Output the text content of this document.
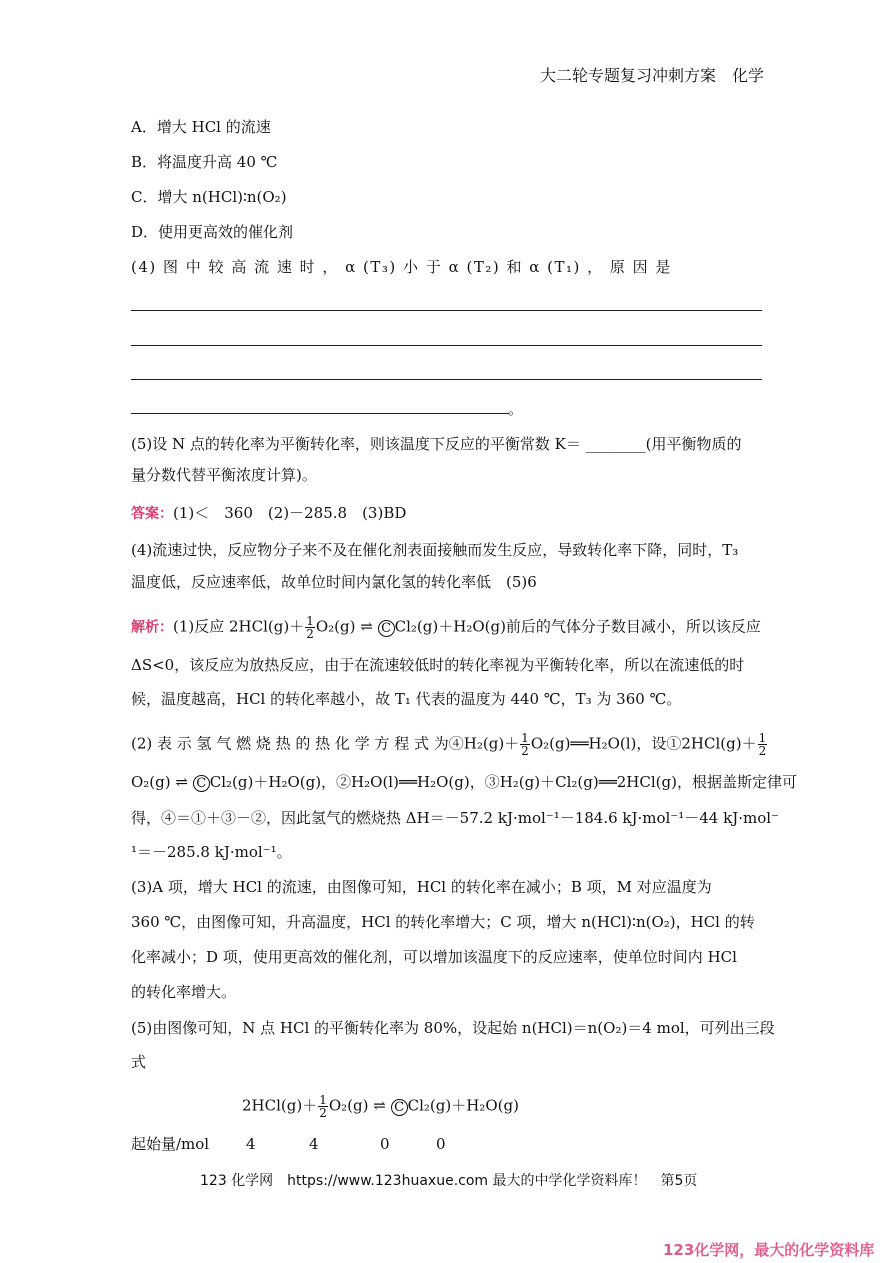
大二轮专题复习冲刺方案　化学
A．增大 HCl 的流速
B．将温度升高 40 ℃
C．增大 n(HCl)∶n(O₂)
D．使用更高效的催化剂
(4) 图 中 较 高 流 速 时 ， α (T₃) 小 于 α (T₂) 和 α (T₁) ， 原 因 是
。
(5)设 N 点的转化率为平衡转化率，则该温度下反应的平衡常数 K＝ ________(用平衡物质的
量分数代替平衡浓度计算)。
答案：(1)＜　360　(2)－285.8　(3)BD
(4)流速过快，反应物分子来不及在催化剂表面接触而发生反应，导致转化率下降，同时，T₃
温度低，反应速率低，故单位时间内氯化氢的转化率低　(5)6
解析：(1)反应 $2HCl(g)+ \frac{1}{2} O_2(g)$ ⇌ C Cl₂(g)＋H₂O(g)前后的气体分子数目减小，所以该反应
ΔS<0，该反应为放热反应，由于在流速较低时的转化率视为平衡转化率，所以在流速低的时
候，温度越高，HCl 的转化率越小，故 T₁ 代表的温度为 440 ℃，T₃ 为 360 ℃。
(2) 表 示 氢 气 燃 烧 热 的 热 化 学 方 程 式 为④H₂(g)＋ $\frac{1}{2}$ O₂(g)══H₂O(l)，设①2HCl(g)＋ $\frac{1}{2}$
O₂(g) ⇌ C Cl₂(g)＋H₂O(g)，②H₂O(l)══H₂O(g)，③H₂(g)＋Cl₂(g)══2HCl(g)，根据盖斯定律可
得，④＝①＋③－②，因此氢气的燃烧热 ΔH＝－57.2 kJ·mol⁻¹－184.6 kJ·mol⁻¹－44 kJ·mol⁻
¹＝－285.8 kJ·mol⁻¹。
(3)A 项，增大 HCl 的流速，由图像可知，HCl 的转化率在减小；B 项，M 对应温度为
360 ℃，由图像可知，升高温度，HCl 的转化率增大；C 项，增大 n(HCl)∶n(O₂)，HCl 的转
化率减小；D 项，使用更高效的催化剂，可以增加该温度下的反应速率，使单位时间内 HCl
的转化率增大。
(5)由图像可知，N 点 HCl 的平衡转化率为 80%，设起始 n(HCl)＝n(O₂)＝4 mol，可列出三段
式
$2HCl(g)+ \frac{1}{2} O_2(g)$ ⇌ C Cl₂(g)＋H₂O(g)
起始量/mol 4	4	0	0
123 化学网　https://www.123huaxue.com 最大的中学化学资料库！　第5页
123化学网，最大的化学资料库
